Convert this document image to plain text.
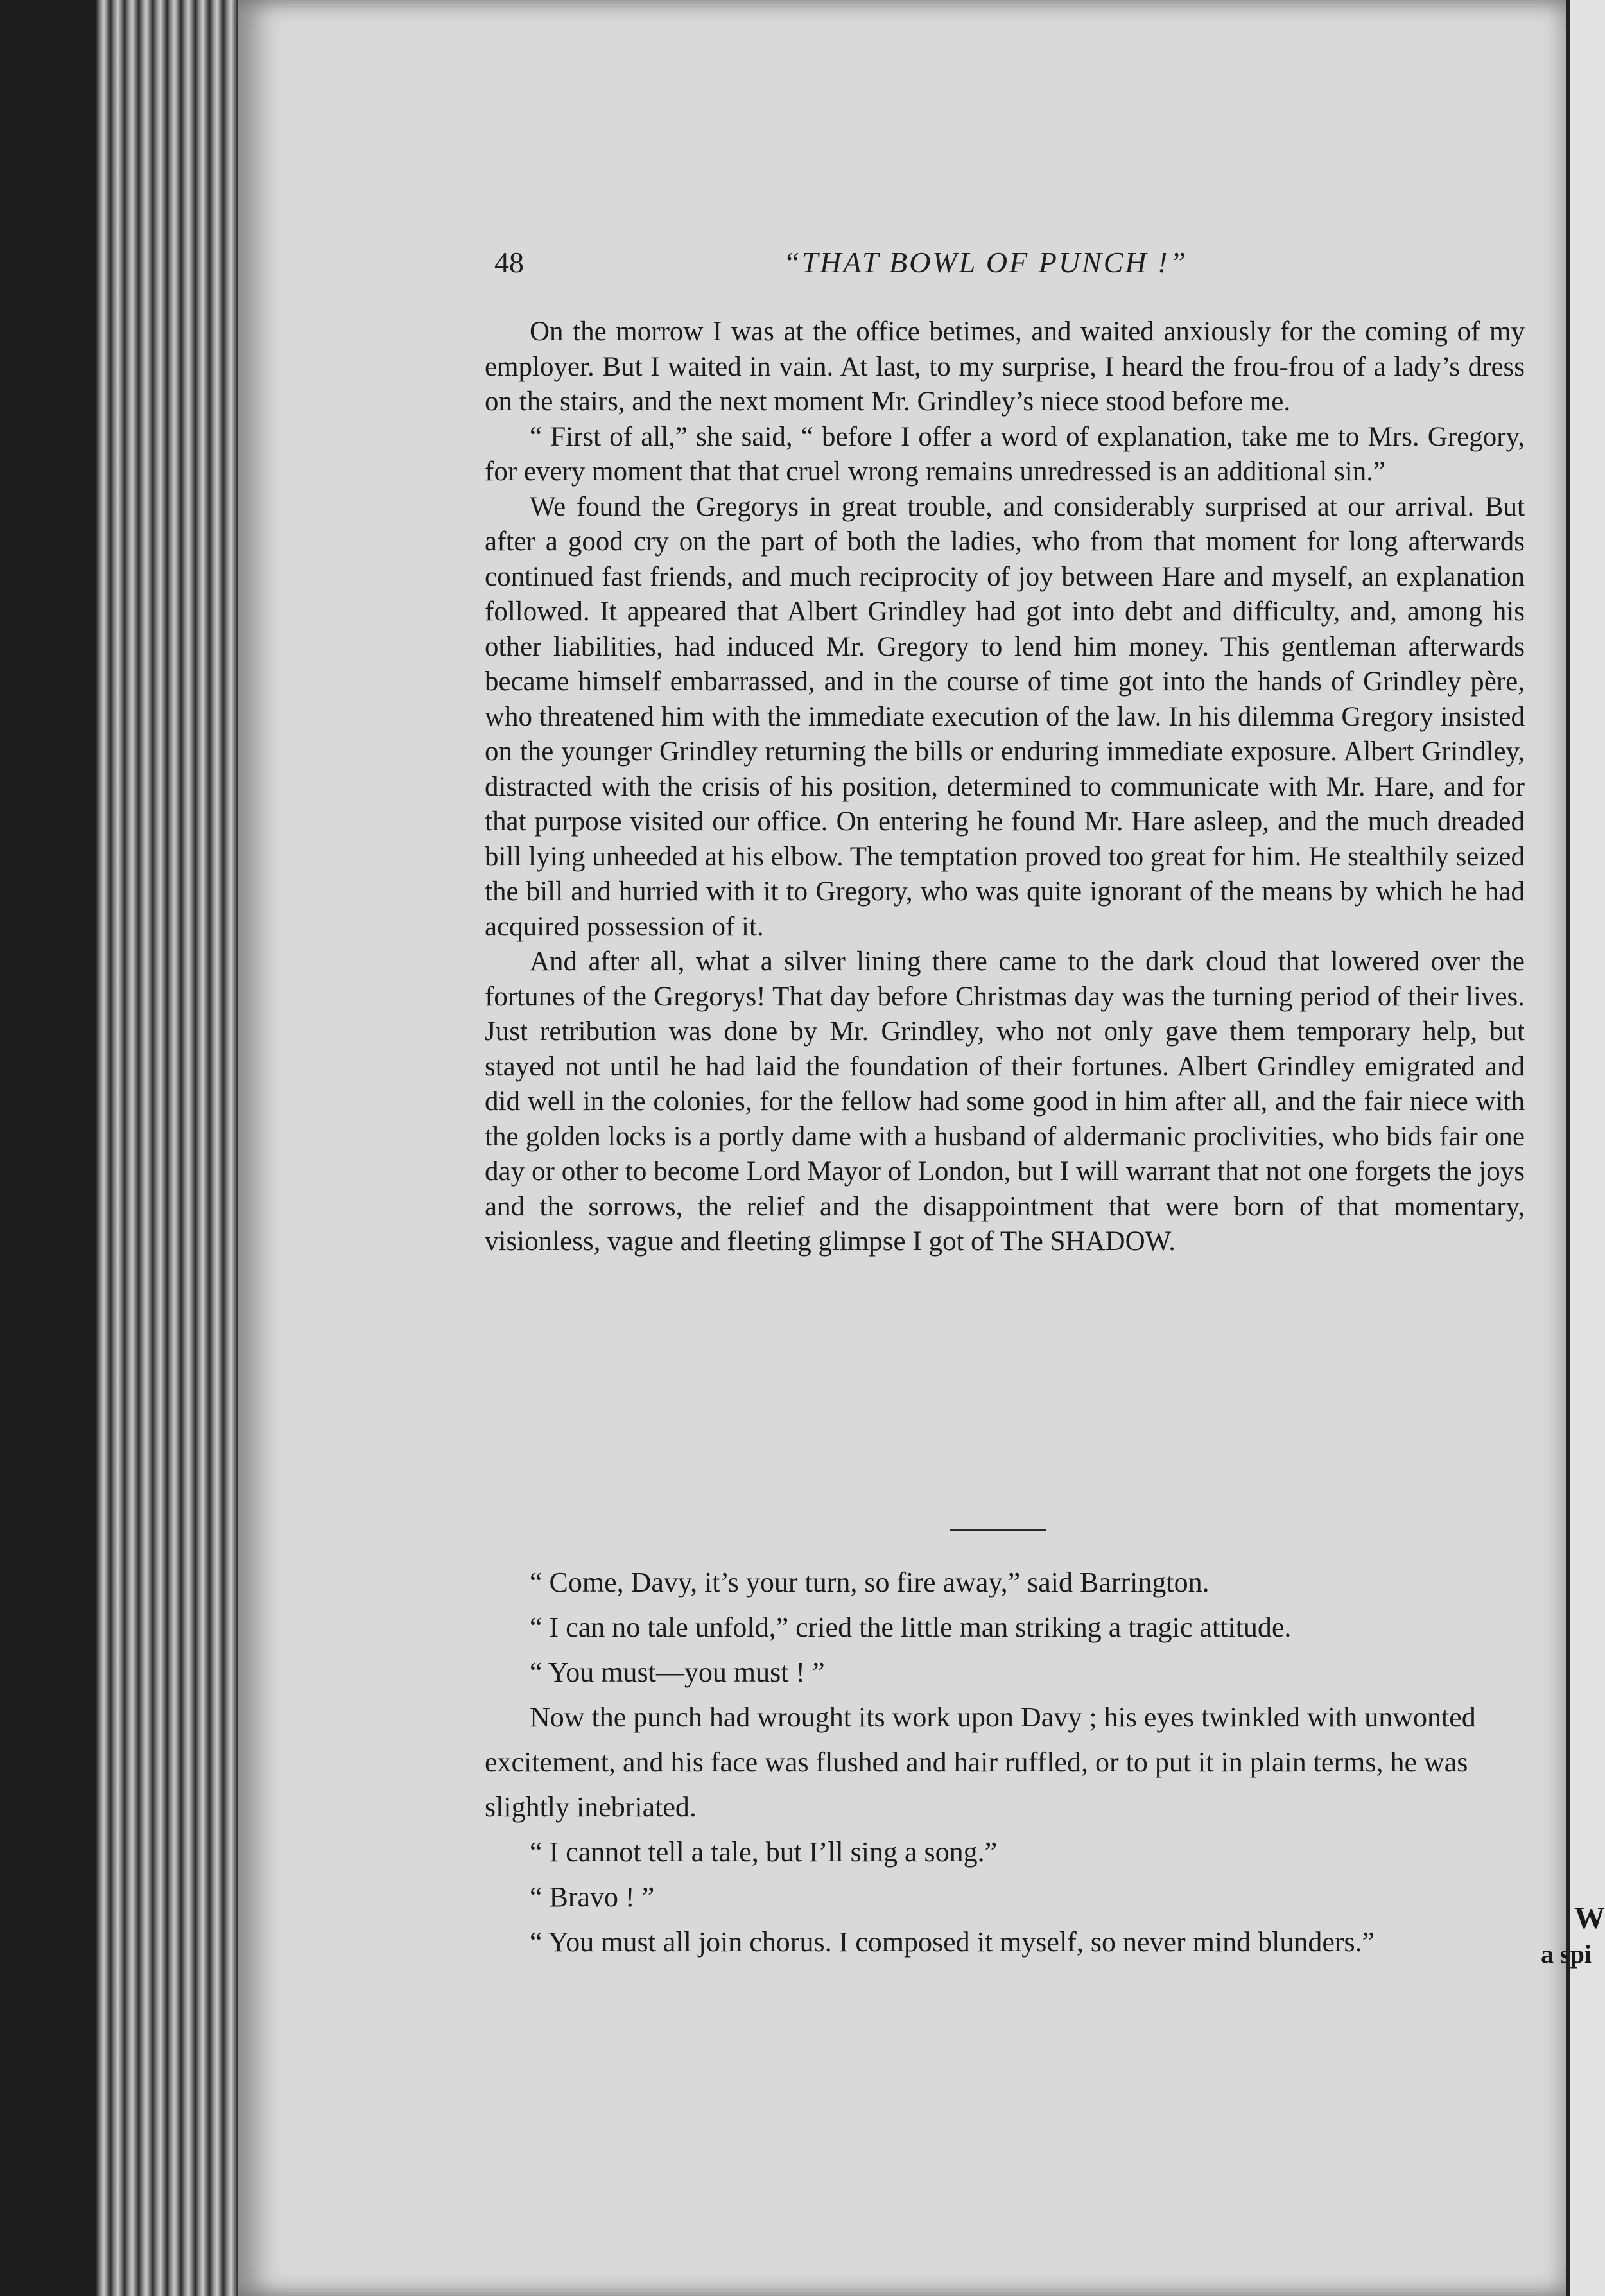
W
a spi
48	“THAT BOWL OF PUNCH !”

On the morrow I was at the office betimes, and waited anxiously for the coming of my employer. But I waited in vain. At last, to my surprise, I heard the frou-frou of a lady’s dress on the stairs, and the next moment Mr. Grindley’s niece stood before me.

“ First of all,” she said, “ before I offer a word of explanation, take me to Mrs. Gregory, for every moment that that cruel wrong remains unredressed is an additional sin.”

We found the Gregorys in great trouble, and considerably surprised at our arrival. But after a good cry on the part of both the ladies, who from that moment for long afterwards continued fast friends, and much reciprocity of joy between Hare and myself, an explanation followed. It appeared that Albert Grindley had got into debt and difficulty, and, among his other liabilities, had induced Mr. Gregory to lend him money. This gentleman afterwards became himself embarrassed, and in the course of time got into the hands of Grindley père, who threatened him with the immediate execution of the law. In his dilemma Gregory insisted on the younger Grindley returning the bills or enduring immediate exposure. Albert Grindley, distracted with the crisis of his position, determined to communicate with Mr. Hare, and for that purpose visited our office. On entering he found Mr. Hare asleep, and the much dreaded bill lying unheeded at his elbow. The temptation proved too great for him. He stealthily seized the bill and hurried with it to Gregory, who was quite ignorant of the means by which he had acquired possession of it.

And after all, what a silver lining there came to the dark cloud that lowered over the fortunes of the Gregorys! That day before Christmas day was the turning period of their lives. Just retribution was done by Mr. Grindley, who not only gave them temporary help, but stayed not until he had laid the foundation of their fortunes. Albert Grindley emigrated and did well in the colonies, for the fellow had some good in him after all, and the fair niece with the golden locks is a portly dame with a husband of aldermanic proclivities, who bids fair one day or other to become Lord Mayor of London, but I will warrant that not one forgets the joys and the sorrows, the relief and the disappointment that were born of that momentary, visionless, vague and fleeting glimpse I got of The SHADOW.

“ Come, Davy, it’s your turn, so fire away,” said Barrington.

“ I can no tale unfold,” cried the little man striking a tragic attitude.

“ You must—you must ! ”

Now the punch had wrought its work upon Davy ; his eyes twinkled with unwonted excitement, and his face was flushed and hair ruffled, or to put it in plain terms, he was slightly inebriated.

“ I cannot tell a tale, but I’ll sing a song.”

“ Bravo ! ”

“ You must all join chorus. I composed it myself, so never mind blunders.”
